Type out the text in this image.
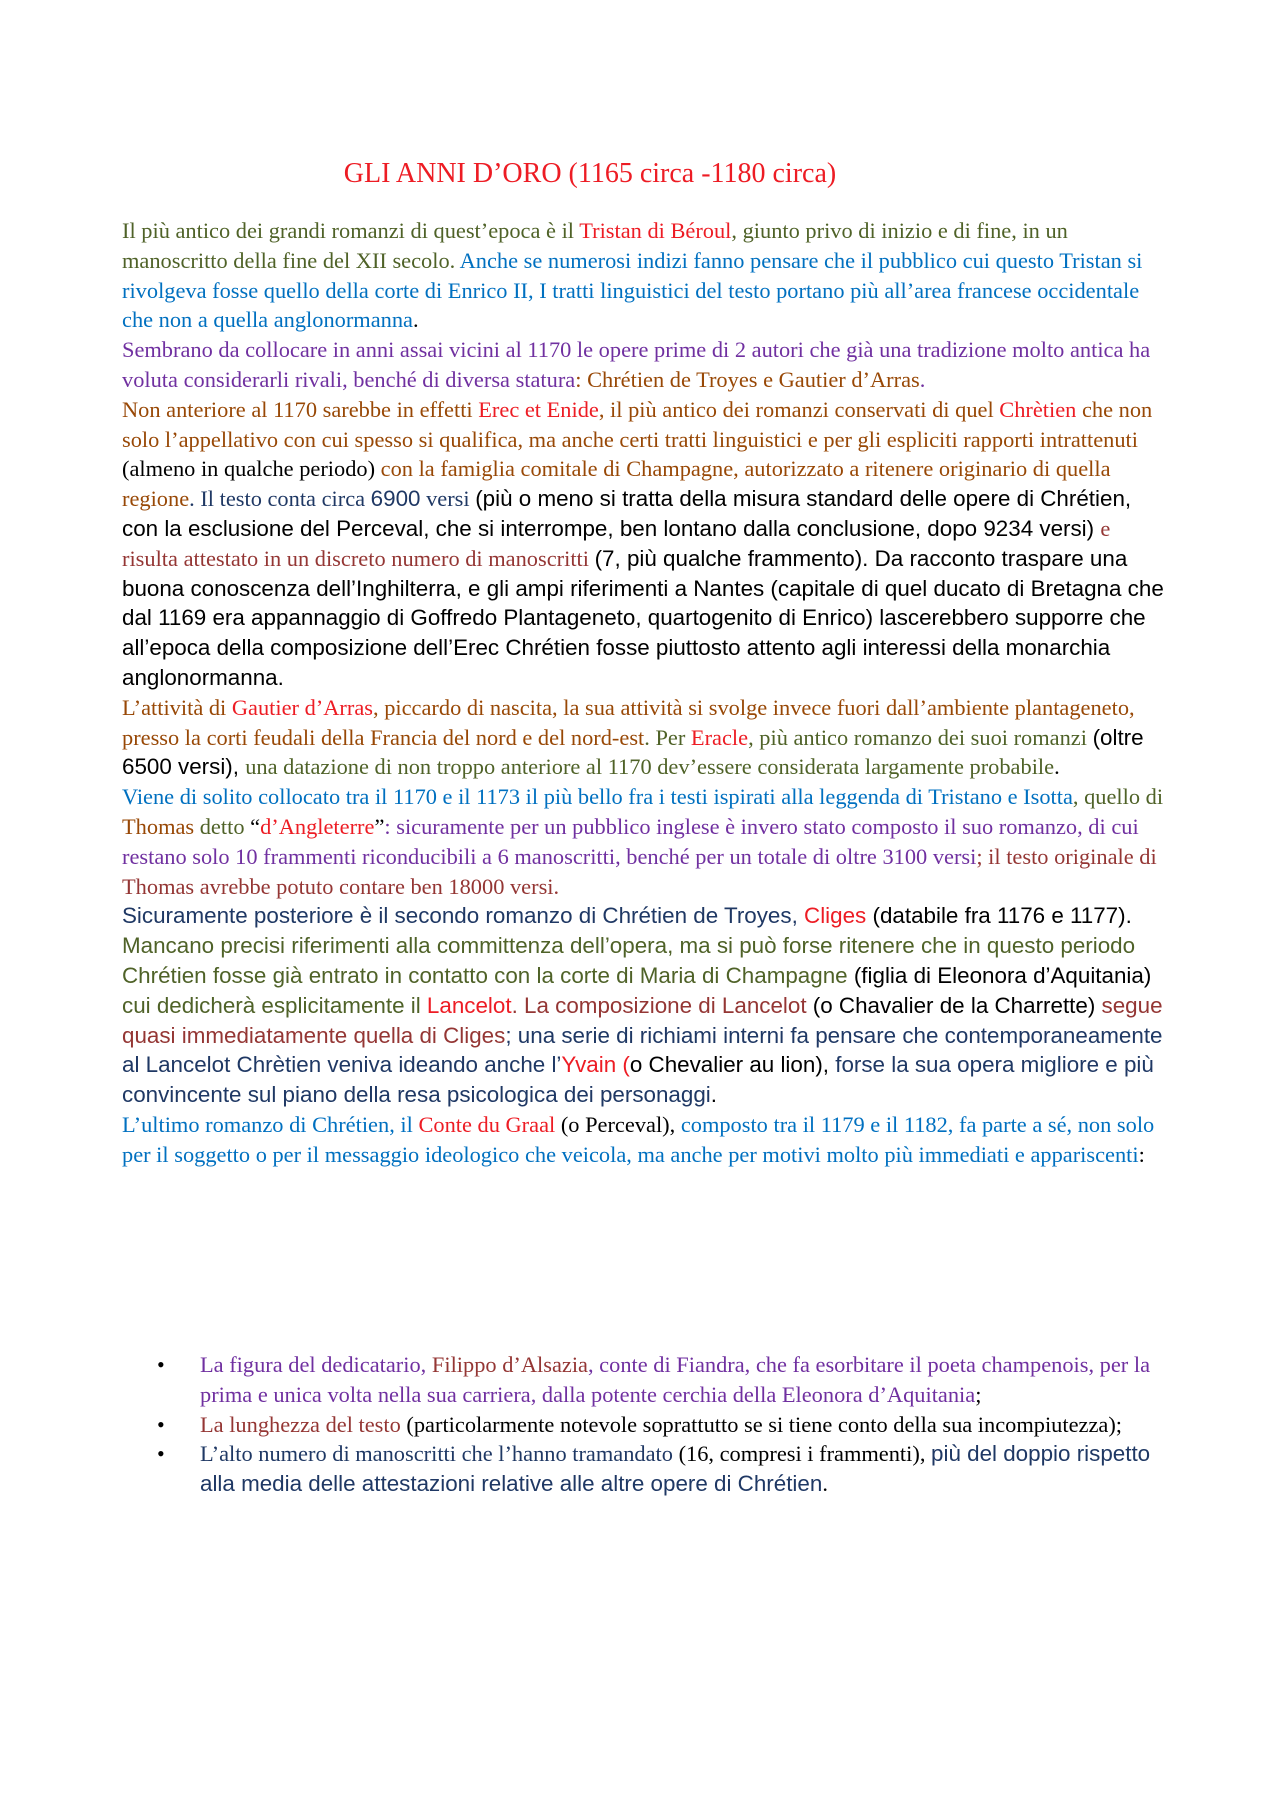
GLI ANNI D’ORO (1165 circa -1180 circa)

Il più antico dei grandi romanzi di quest’epoca è il Tristan di Béroul, giunto privo di inizio e di fine, in un manoscritto della fine del XII secolo. Anche se numerosi indizi fanno pensare che il pubblico cui questo Tristan si rivolgeva fosse quello della corte di Enrico II, I tratti linguistici del testo portano più all’area francese occidentale che non a quella anglonormanna.

Sembrano da collocare in anni assai vicini al 1170 le opere prime di 2 autori che già una tradizione molto antica ha voluta considerarli rivali, benché di diversa statura: Chrétien de Troyes e Gautier d’Arras.

Non anteriore al 1170 sarebbe in effetti Erec et Enide, il più antico dei romanzi conservati di quel Chrètien che non solo l’appellativo con cui spesso si qualifica, ma anche certi tratti linguistici e per gli espliciti rapporti intrattenuti (almeno in qualche periodo) con la famiglia comitale di Champagne, autorizzato a ritenere originario di quella regione. Il testo conta circa 6900 versi (più o meno si tratta della misura standard delle opere di Chrétien, con la esclusione del Perceval, che si interrompe, ben lontano dalla conclusione, dopo 9234 versi) e risulta attestato in un discreto numero di manoscritti (7, più qualche frammento). Da racconto traspare una buona conoscenza dell’Inghilterra, e gli ampi riferimenti a Nantes (capitale di quel ducato di Bretagna che dal 1169 era appannaggio di Goffredo Plantageneto, quartogenito di Enrico) lascerebbero supporre che all’epoca della composizione dell’Erec Chrétien fosse piuttosto attento agli interessi della monarchia anglonormanna.

L’attività di Gautier d’Arras, piccardo di nascita, la sua attività si svolge invece fuori dall’ambiente plantageneto, presso la corti feudali della Francia del nord e del nord-est. Per Eracle, più antico romanzo dei suoi romanzi (oltre 6500 versi), una datazione di non troppo anteriore al 1170 dev’essere considerata largamente probabile.

Viene di solito collocato tra il 1170 e il 1173 il più bello fra i testi ispirati alla leggenda di Tristano e Isotta, quello di Thomas detto “d’Angleterre”: sicuramente per un pubblico inglese è invero stato composto il suo romanzo, di cui restano solo 10 frammenti riconducibili a 6 manoscritti, benché per un totale di oltre 3100 versi; il testo originale di Thomas avrebbe potuto contare ben 18000 versi.

Sicuramente posteriore è il secondo romanzo di Chrétien de Troyes, Cliges (databile fra 1176 e 1177). Mancano precisi riferimenti alla committenza dell’opera, ma si può forse ritenere che in questo periodo Chrétien fosse già entrato in contatto con la corte di Maria di Champagne (figlia di Eleonora d’Aquitania) cui dedicherà esplicitamente il Lancelot. La composizione di Lancelot (o Chavalier de la Charrette) segue quasi immediatamente quella di Cliges; una serie di richiami interni fa pensare che contemporaneamente al Lancelot Chrètien veniva ideando anche l’Yvain (o Chevalier au lion), forse la sua opera migliore e più convincente sul piano della resa psicologica dei personaggi.

L’ultimo romanzo di Chrétien, il Conte du Graal (o Perceval), composto tra il 1179 e il 1182, fa parte a sé, non solo per il soggetto o per il messaggio ideologico che veicola, ma anche per motivi molto più immediati e appariscenti:

• La figura del dedicatario, Filippo d’Alsazia, conte di Fiandra, che fa esorbitare il poeta champenois, per la prima e unica volta nella sua carriera, dalla potente cerchia della Eleonora d’Aquitania;
• La lunghezza del testo (particolarmente notevole soprattutto se si tiene conto della sua incompiutezza);
• L’alto numero di manoscritti che l’hanno tramandato (16, compresi i frammenti), più del doppio rispetto alla media delle attestazioni relative alle altre opere di Chrétien.
